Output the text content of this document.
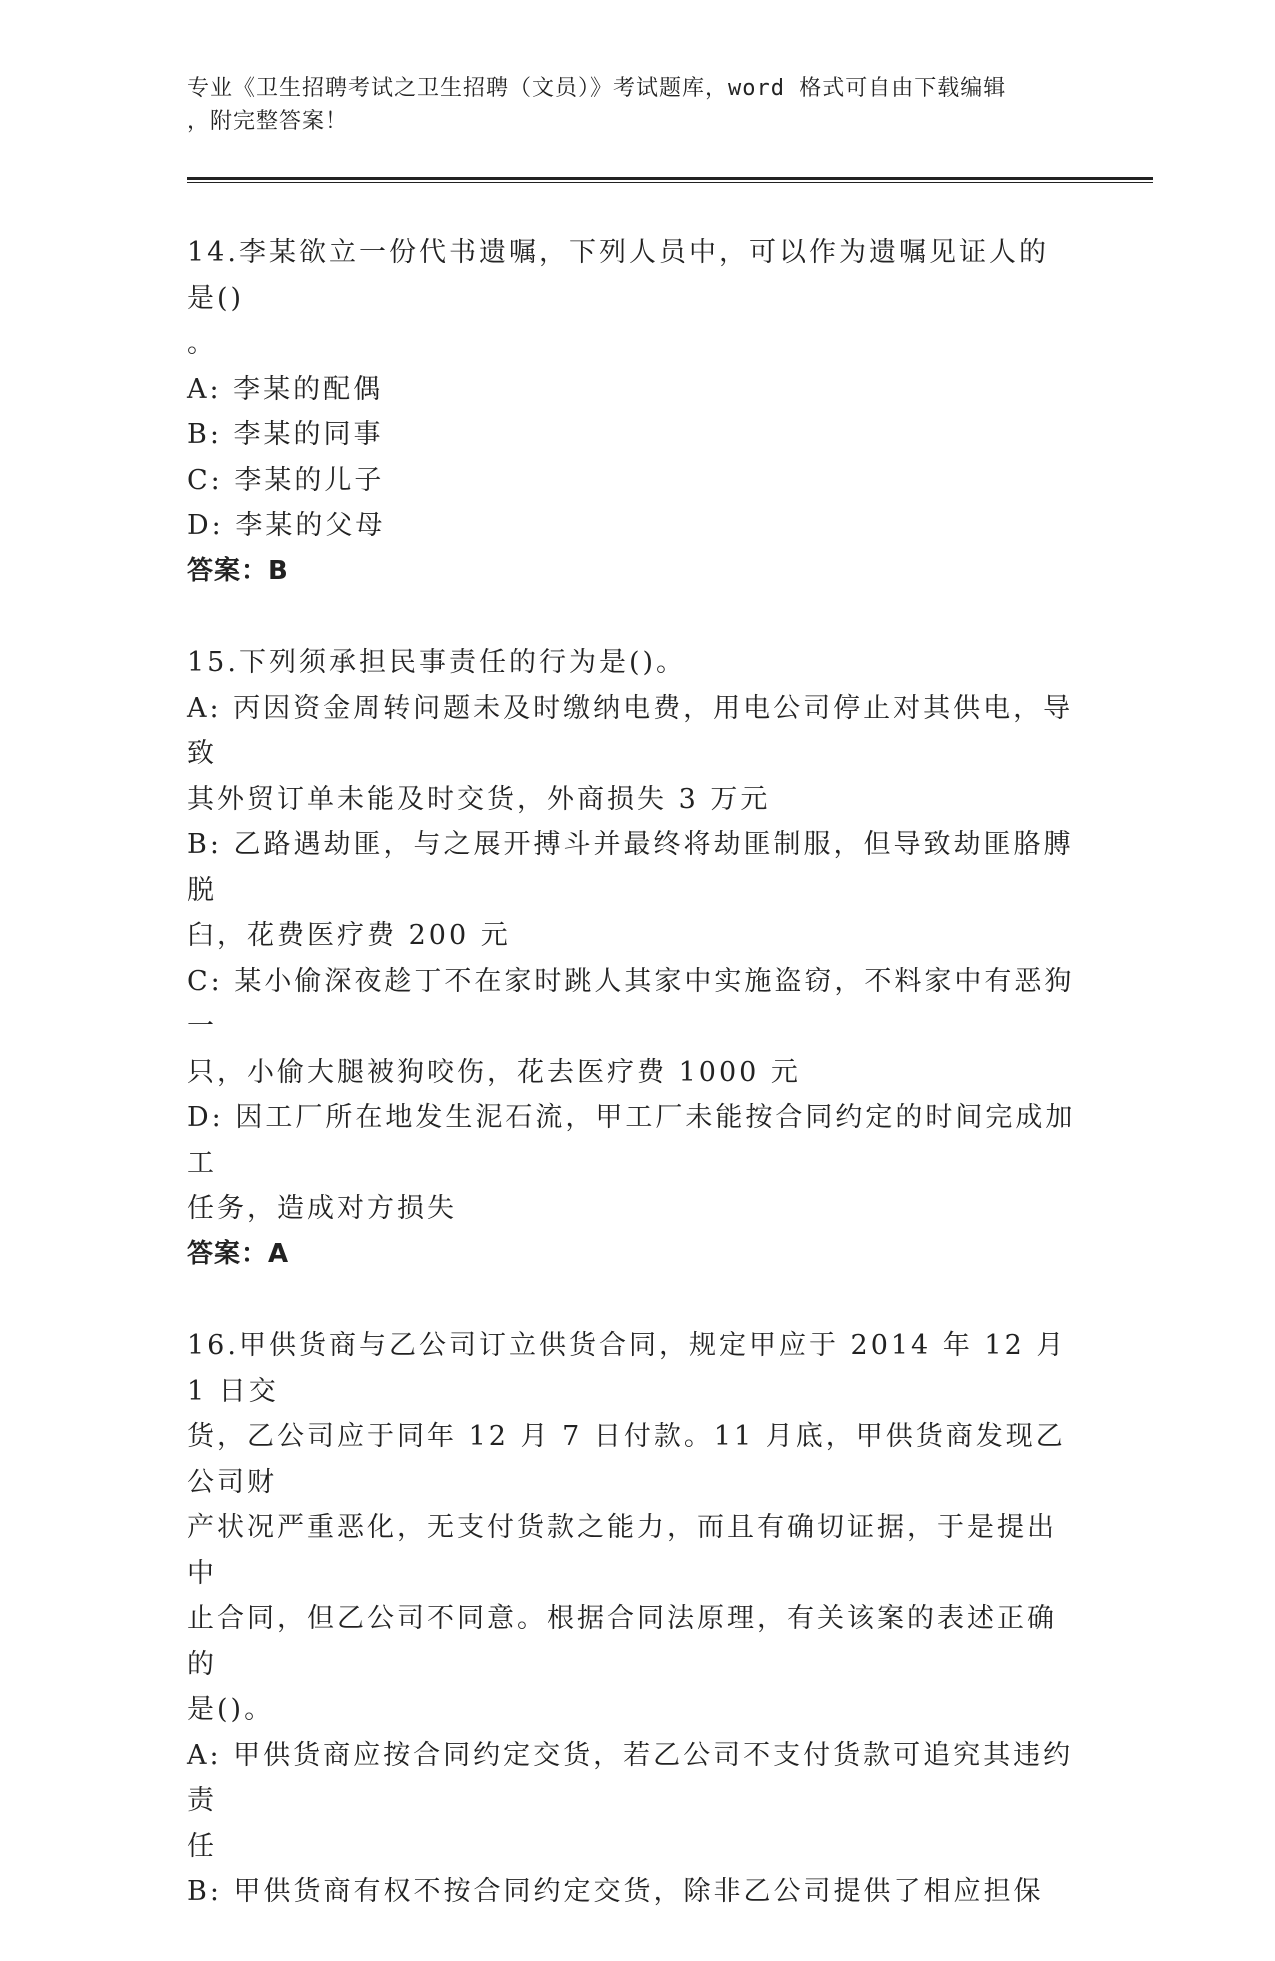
专业《卫生招聘考试之卫生招聘（文员）》考试题库，word 格式可自由下载编辑
，附完整答案！

14.李某欲立一份代书遗嘱，下列人员中，可以作为遗嘱见证人的是()

。

A: 李某的配偶

B: 李某的同事

C: 李某的儿子

D: 李某的父母

答案：B

15.下列须承担民事责任的行为是()。

A: 丙因资金周转问题未及时缴纳电费，用电公司停止对其供电，导致

其外贸订单未能及时交货，外商损失 3 万元

B: 乙路遇劫匪，与之展开搏斗并最终将劫匪制服，但导致劫匪胳膊脱

臼，花费医疗费 200 元

C: 某小偷深夜趁丁不在家时跳人其家中实施盗窃，不料家中有恶狗一

只，小偷大腿被狗咬伤，花去医疗费 1000 元

D: 因工厂所在地发生泥石流，甲工厂未能按合同约定的时间完成加工

任务，造成对方损失

答案：A

16.甲供货商与乙公司订立供货合同，规定甲应于 2014 年 12 月 1 日交

货，乙公司应于同年 12 月 7 日付款。11 月底，甲供货商发现乙公司财

产状况严重恶化，无支付货款之能力，而且有确切证据，于是提出中

止合同，但乙公司不同意。根据合同法原理，有关该案的表述正确的

是()。

A: 甲供货商应按合同约定交货，若乙公司不支付货款可追究其违约责

任

B: 甲供货商有权不按合同约定交货，除非乙公司提供了相应担保
